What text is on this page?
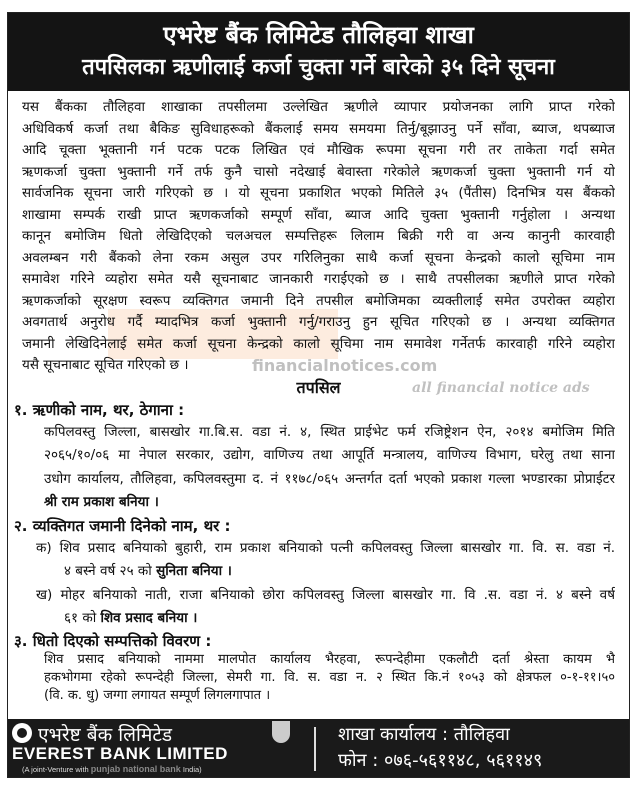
एभरेष्ट बैंक लिमिटेड तौलिहवा शाखा
तपसिलका ऋणीलाई कर्जा चुक्ता गर्ने बारेको ३५ दिने सूचना
यस बैंकका तौलिहवा शाखाका तपसीलमा उल्लेखित ऋणीले व्यापार प्रयोजनका लागि प्राप्त गरेको
अधिविकर्ष कर्जा तथा बैकिङ सुविधाहरूको बैंकलाई समय समयमा तिर्नु/बूझाउनु पर्ने साँवा, ब्याज, थपब्याज
आदि चूक्ता भूक्तानी गर्न पटक पटक लिखित एवं मौखिक रूपमा सूचना गरी तर ताकेता गर्दा समेत
ऋणकर्जा चुक्ता भुक्तानी गर्ने तर्फ कुनै चासो नदेखाई बेवास्ता गरेकोले ऋणकर्जा चुक्ता भुक्तानी गर्न यो
सार्वजनिक सूचना जारी गरिएको छ । यो सूचना प्रकाशित भएको मितिले ३५ (पैंतीस) दिनभित्र यस बैंकको
शाखामा सम्पर्क राखी प्राप्त ऋणकर्जाको सम्पूर्ण साँवा, ब्याज आदि चुक्ता भुक्तानी गर्नुहोला । अन्यथा
कानून बमोजिम धितो लेखिदिएको चलअचल सम्पत्तिहरू लिलाम बिक्री गरी वा अन्य कानुनी कारवाही
अवलम्बन गरी बैंकको लेना रकम असुल उपर गरिलिनुका साथै कर्जा सूचना केन्द्रको कालो सूचिमा नाम
समावेश गरिने व्यहोरा समेत यसै सूचनाबाट जानकारी गराईएको छ । साथै तपसीलका ऋणीले प्राप्त गरेको
ऋणकर्जाको सूरक्षण स्वरूप व्यक्तिगत जमानी दिने तपसील बमोजिमका व्यक्तीलाई समेत उपरोक्त व्यहोरा
अवगतार्थ अनुरोध गर्दै म्यादभित्र कर्जा भुक्तानी गर्नु/गराउनु हुन सूचित गरिएको छ । अन्यथा व्यक्तिगत
जमानी लेखिदिनेलाई समेत कर्जा सूचना केन्द्रको कालो सूचिमा नाम समावेश गर्नेतर्फ कारवाही गरिने व्यहोरा
यसै सूचनाबाट सूचित गरिएको छ ।	financialnotices.com
तपसिल	all financial notice ads
१. ऋणीको नाम, थर, ठेगाना :
कपिलवस्तु जिल्ला, बासखोर गा.बि.स. वडा नं. ४, स्थित प्राईभेट फर्म रजिष्ट्रेशन ऐन, २०१४ बमोजिम मिति
२०६५/१०/०६ मा नेपाल सरकार, उद्योग, वाणिज्य तथा आपूर्ति मन्त्रालय, वाणिज्य विभाग, घरेलु तथा साना
उधोग कार्यालय, तौलिहवा, कपिलवस्तुमा द. नं ११७८/०६५ अन्तर्गत दर्ता भएको प्रकाश गल्ला भण्डारका प्रोप्राईटर
श्री राम प्रकाश बनिया ।
२. व्यक्तिगत जमानी दिनेको नाम, थर :
क) शिव प्रसाद बनियाको बुहारी, राम प्रकाश बनियाको पत्नी कपिलवस्तु जिल्ला बासखोर गा. वि. स. वडा नं.
४ बस्ने वर्ष २५ को सुनिता बनिया ।
ख) मोहर बनियाको नाती, राजा बनियाको छोरा कपिलवस्तु जिल्ला बासखोर गा. वि .स. वडा नं. ४ बस्ने वर्ष
६१ को शिव प्रसाद बनिया ।
३. धितो दिएको सम्पत्तिको विवरण :
शिव प्रसाद बनियाको नाममा मालपोत कार्यालय भैरहवा, रूपन्देहीमा एकलौटी दर्ता श्रेस्ता कायम भै
हकभोगमा रहेको रूपन्देही जिल्ला, सेमरी गा. वि. स. वडा न. २ स्थित कि.नं १०५३ को क्षेत्रफल ०-१-११।५०
(वि. क. धु) जग्गा लगायत सम्पूर्ण लिगलगापात ।
एभरेष्ट बैंक लिमिटेड
EVEREST BANK LIMITED
(A joint-Venture with punjab national bank India)
शाखा कार्यालय : तौलिहवा
फोन : ०७६-५६११४८, ५६११४९
